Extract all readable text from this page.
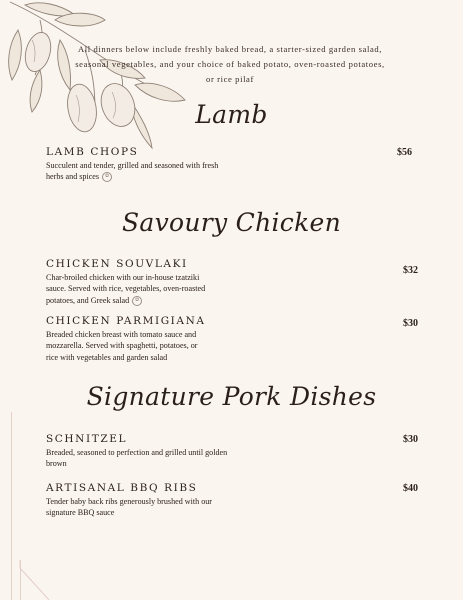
All dinners below include freshly baked bread, a starter-sized garden salad, seasonal vegetables, and your choice of baked potato, oven-roasted potatoes, or rice pilaf
Lamb
LAMB CHOPS
Succulent and tender, grilled and seasoned with fresh herbs and spices ✿
$56
Savoury Chicken
CHICKEN SOUVLAKI
Char-broiled chicken with our in-house tzatziki sauce. Served with rice, vegetables, oven-roasted potatoes, and Greek salad ✿
$32
CHICKEN PARMIGIANA
Breaded chicken breast with tomato sauce and mozzarella. Served with spaghetti, potatoes, or rice with vegetables and garden salad
$30
Signature Pork Dishes
SCHNITZEL
Breaded, seasoned to perfection and grilled until golden brown
$30
ARTISANAL BBQ RIBS
Tender baby back ribs generously brushed with our signature BBQ sauce
$40
